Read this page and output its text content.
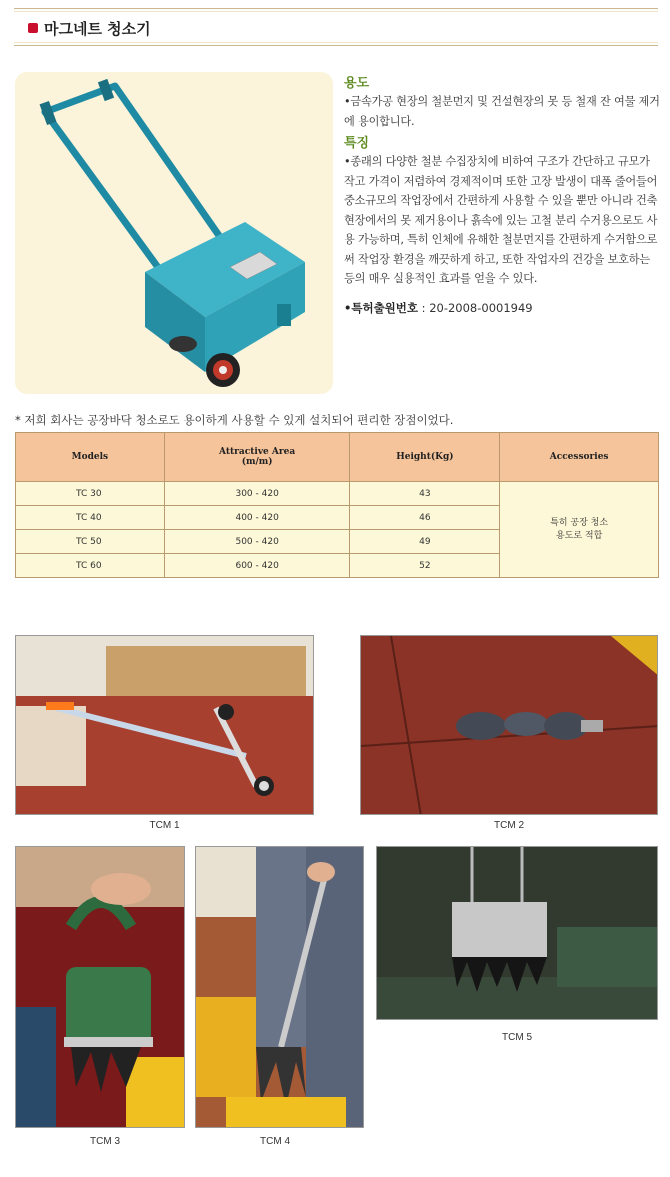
마그네트 청소기
용도
•금속가공 현장의 철분먼지 및 건설현장의 못 등 철재 잔 여물 제거에 용이합니다.
특징
•종래의 다양한 철분 수집장치에 비하여 구조가 간단하고 규모가 작고 가격이 저렴하여 경제적이며 또한 고장 발생이 대폭 줄어들어 중소규모의 작업장에서 간편하게 사용할 수 있을 뿐만 아니라 건축 현장에서의 못 제거용이나 흙속에 있는 고철 분리 수거용으로도 사용 가능하며, 특히 인체에 유해한 철분먼지를 간편하게 수거함으로써 작업장 환경을 깨끗하게 하고, 또한 작업자의 건강을 보호하는 등의 매우 실용적인 효과를 얻을 수 있다.
•특허출원번호 : 20-2008-0001949
* 저희 회사는 공장바닥 청소로도 용이하게 사용할 수 있게 설치되어 편리한 장점이었다.
Models	Attractive Area (m/m)	Height(Kg)	Accessories
TC 30	300 - 420	43	특히 공장 청소
용도로 적합
TC 40	400 - 420	46	
TC 50	500 - 420	49	
TC 60	600 - 420	52	
TCM 1	TCM 2
TCM 3	TCM 4
TCM 5
